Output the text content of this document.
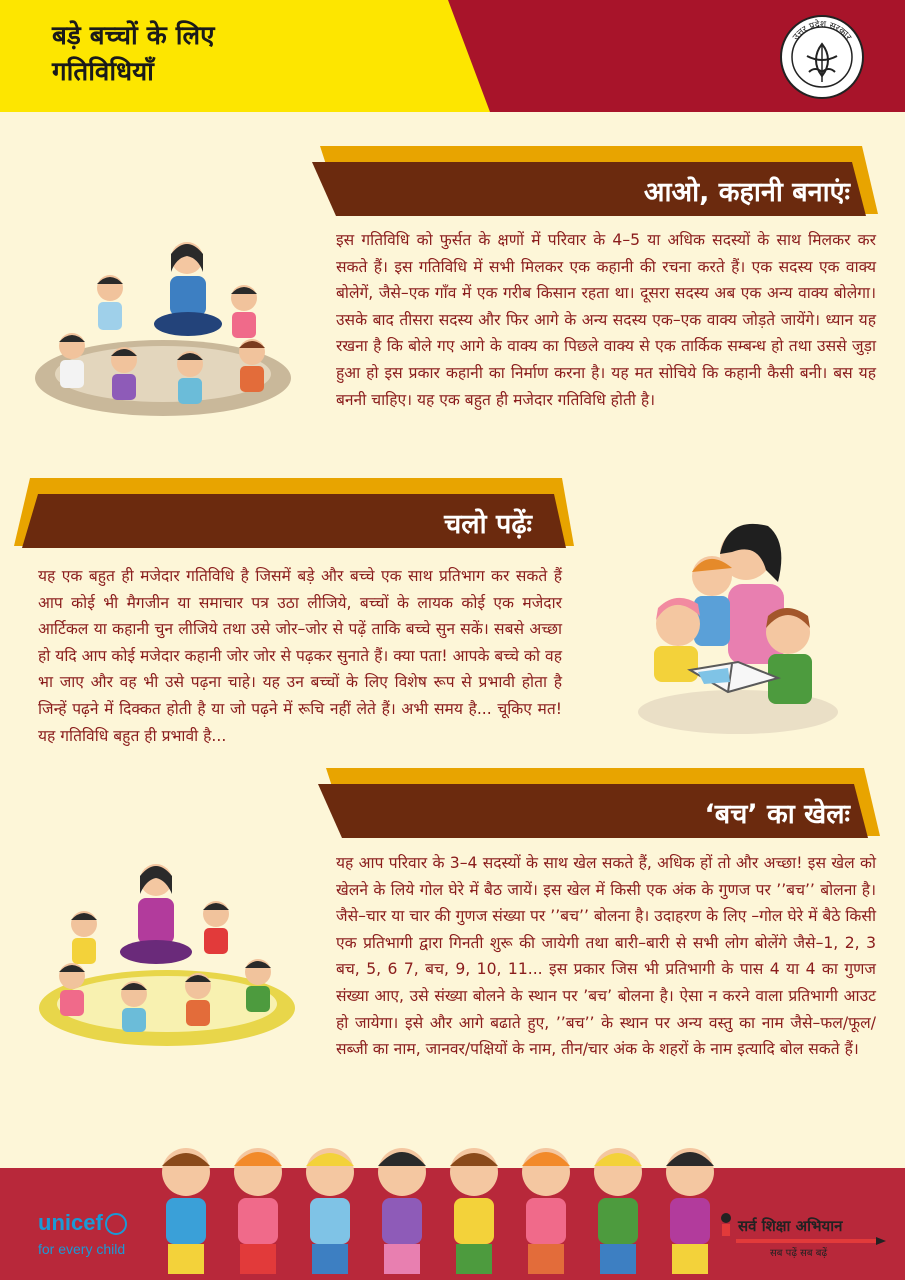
बड़े बच्चों के लिए
गतिविधियाँ
उत्तर प्रदेश सरकार
आओ, कहानी बनाएंः

इस गतिविधि को फुर्सत के क्षणों में परिवार के 4–5 या अधिक सदस्यों के साथ मिलकर कर सकते हैं। इस गतिविधि में सभी मिलकर एक कहानी की रचना करते हैं। एक सदस्य एक वाक्य बोलेगें, जैसे–एक गाँव में एक गरीब किसान रहता था। दूसरा सदस्य अब एक अन्य वाक्य बोलेगा। उसके बाद तीसरा सदस्य और फिर आगे के अन्य सदस्य एक–एक वाक्य जोड़ते जायेंगे। ध्यान यह रखना है कि बोले गए आगे के वाक्य का पिछले वाक्य से एक तार्किक सम्बन्ध हो तथा उससे जुड़ा हुआ हो इस प्रकार कहानी का निर्माण करना है। यह मत सोचिये कि कहानी कैसी बनी। बस यह बननी चाहिए। यह एक बहुत ही मजेदार गतिविधि होती है।

चलो पढ़ेंः

यह एक बहुत ही मजेदार गतिविधि है जिसमें बड़े और बच्चे एक साथ प्रतिभाग कर सकते हैं आप कोई भी मैगजीन या समाचार पत्र उठा लीजिये, बच्चों के लायक कोई एक मजेदार आर्टिकल या कहानी चुन लीजिये तथा उसे जोर–जोर से पढ़ें ताकि बच्चे सुन सकें। सबसे अच्छा हो यदि आप कोई मजेदार कहानी जोर जोर से पढ़कर सुनाते हैं। क्या पता! आपके बच्चे को वह भा जाए और वह भी उसे पढ़ना चाहे। यह उन बच्चों के लिए विशेष रूप से प्रभावी होता है जिन्हें पढ़ने में दिक्कत होती है या जो पढ़ने में रूचि नहीं लेते हैं। अभी समय है... चूकिए मत! यह गतिविधि बहुत ही प्रभावी है...

‘बच’ का खेलः

यह आप परिवार के 3–4 सदस्यों के साथ खेल सकते हैं, अधिक हों तो और अच्छा! इस खेल को खेलने के लिये गोल घेरे में बैठ जायें। इस खेल में किसी एक अंक के गुणज पर ’’बच’’ बोलना है। जैसे–चार या चार की गुणज संख्या पर ’’बच’’ बोलना है। उदाहरण के लिए –गोल घेरे में बैठे किसी एक प्रतिभागी द्वारा गिनती शुरू की जायेगी तथा बारी–बारी से सभी लोग बोलेंगे जैसे–1, 2, 3 बच, 5, 6 7, बच, 9, 10, 11... इस प्रकार जिस भी प्रतिभागी के पास 4 या 4 का गुणज संख्या आए, उसे संख्या बोलने के स्थान पर ’बच’ बोलना है। ऐसा न करने वाला प्रतिभागी आउट हो जायेगा। इसे और आगे बढाते हुए, ’’बच’’ के स्थान पर अन्य वस्तु का नाम जैसे–फल/फूल/सब्जी का नाम, जानवर/पक्षियों के नाम, तीन/चार अंक के शहरों के नाम इत्यादि बोल सकते हैं।

unicef
for every child
सर्व शिक्षा अभियान
सब पढ़ें सब बढ़ें
